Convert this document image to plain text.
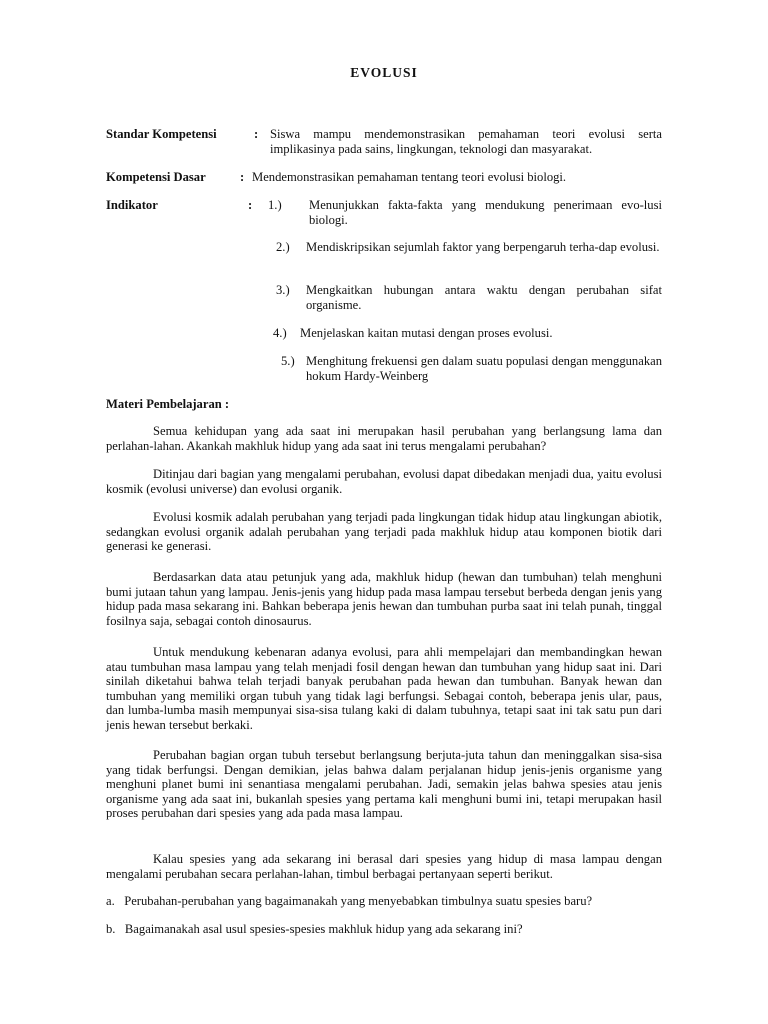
EVOLUSI
Standar Kompetensi	: Siswa mampu mendemonstrasikan pemahaman teori evolusi serta implikasinya pada sains, lingkungan, teknologi dan masyarakat.
Kompetensi Dasar	: Mendemonstrasikan pemahaman tentang teori evolusi biologi.
Indikator	: 1.) Menunjukkan fakta-fakta yang mendukung penerimaan evo-lusi biologi.
2.) Mendiskripsikan sejumlah faktor yang berpengaruh terha-dap evolusi.
3.) Mengkaitkan hubungan antara waktu dengan perubahan sifat organisme.
4.) Menjelaskan kaitan mutasi dengan proses evolusi.
5.) Menghitung frekuensi gen dalam suatu populasi dengan menggunakan hokum Hardy-Weinberg
Materi Pembelajaran :
Semua kehidupan yang ada saat ini merupakan hasil perubahan yang berlangsung lama dan perlahan-lahan. Akankah makhluk hidup yang ada saat ini terus mengalami perubahan?
Ditinjau dari bagian yang mengalami perubahan, evolusi dapat dibedakan menjadi dua, yaitu evolusi kosmik (evolusi universe) dan evolusi organik.
Evolusi kosmik adalah perubahan yang terjadi pada lingkungan tidak hidup atau lingkungan abiotik, sedangkan evolusi organik adalah perubahan yang terjadi pada makhluk hidup atau komponen biotik dari generasi ke generasi.
Berdasarkan data atau petunjuk yang ada, makhluk hidup (hewan dan tumbuhan) telah menghuni bumi jutaan tahun yang lampau. Jenis-jenis yang hidup pada masa lampau tersebut berbeda dengan jenis yang hidup pada masa sekarang ini. Bahkan beberapa jenis hewan dan tumbuhan purba saat ini telah punah, tinggal fosilnya saja, sebagai contoh dinosaurus.
Untuk mendukung kebenaran adanya evolusi, para ahli mempelajari dan membandingkan hewan atau tumbuhan masa lampau yang telah menjadi fosil dengan hewan dan tumbuhan yang hidup saat ini. Dari sinilah diketahui bahwa telah terjadi banyak perubahan pada hewan dan tumbuhan. Banyak hewan dan tumbuhan yang memiliki organ tubuh yang tidak lagi berfungsi. Sebagai contoh, beberapa jenis ular, paus, dan lumba-lumba masih mempunyai sisa-sisa tulang kaki di dalam tubuhnya, tetapi saat ini tak satu pun dari jenis hewan tersebut berkaki.
Perubahan bagian organ tubuh tersebut berlangsung berjuta-juta tahun dan meninggalkan sisa-sisa yang tidak berfungsi. Dengan demikian, jelas bahwa dalam perjalanan hidup jenis-jenis organisme yang menghuni planet bumi ini senantiasa mengalami perubahan. Jadi, semakin jelas bahwa spesies atau jenis organisme yang ada saat ini, bukanlah spesies yang pertama kali menghuni bumi ini, tetapi merupakan hasil proses perubahan dari spesies yang ada pada masa lampau.
Kalau spesies yang ada sekarang ini berasal dari spesies yang hidup di masa lampau dengan mengalami perubahan secara perlahan-lahan, timbul berbagai pertanyaan seperti berikut.
a. Perubahan-perubahan yang bagaimanakah yang menyebabkan timbulnya suatu spesies baru?
b. Bagaimanakah asal usul spesies-spesies makhluk hidup yang ada sekarang ini?
